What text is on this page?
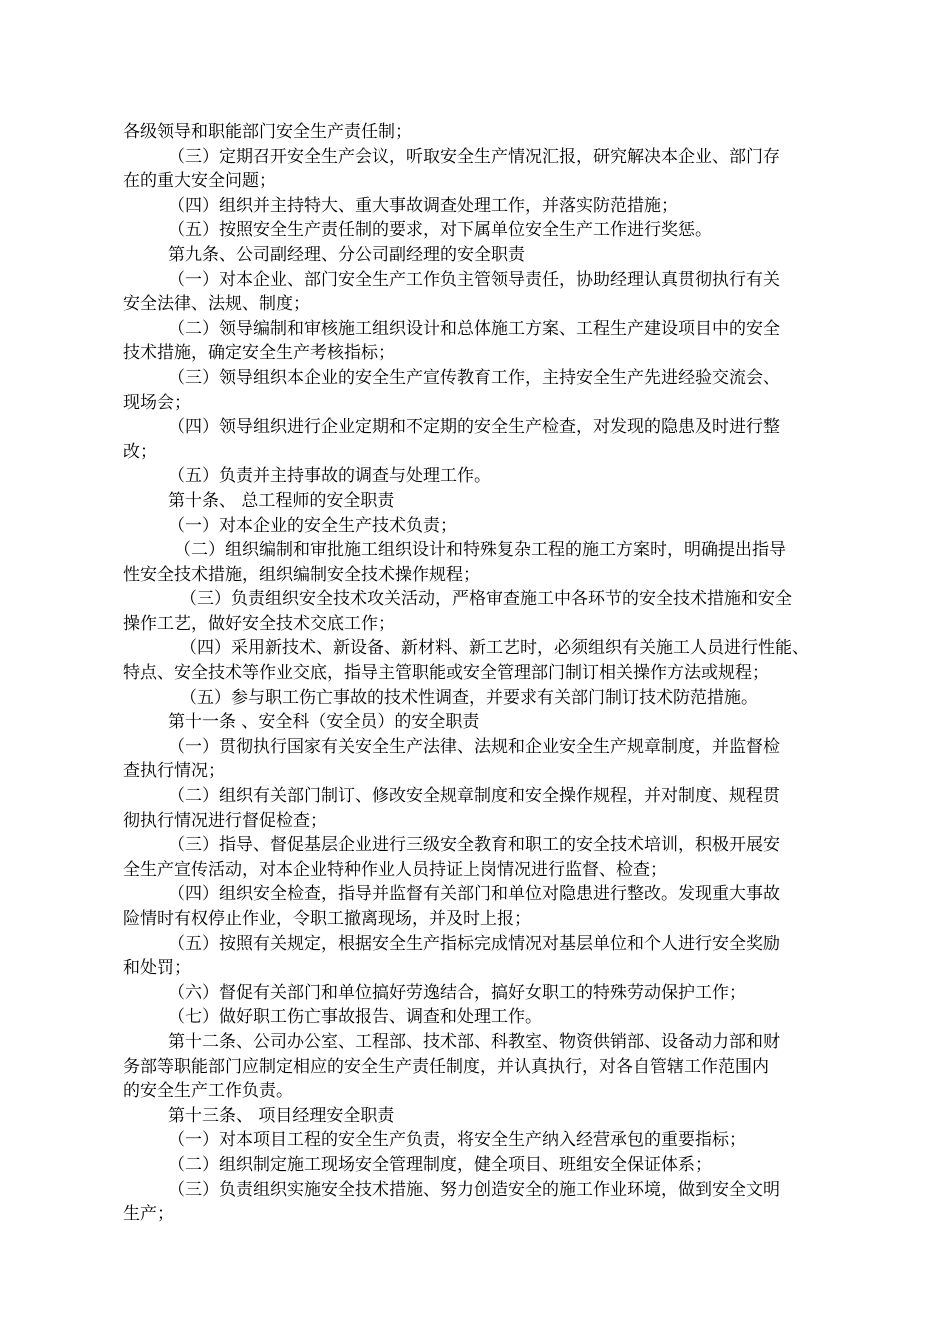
各级领导和职能部门安全生产责任制；

（三）定期召开安全生产会议，听取安全生产情况汇报，研究解决本企业、部门存
在的重大安全问题；

（四）组织并主持特大、重大事故调查处理工作，并落实防范措施；

（五）按照安全生产责任制的要求，对下属单位安全生产工作进行奖惩。

第九条、公司副经理、分公司副经理的安全职责

（一）对本企业、部门安全生产工作负主管领导责任，协助经理认真贯彻执行有关
安全法律、法规、制度；

（二）领导编制和审核施工组织设计和总体施工方案、工程生产建设项目中的安全
技术措施，确定安全生产考核指标；

（三）领导组织本企业的安全生产宣传教育工作，主持安全生产先进经验交流会、
现场会；

（四）领导组织进行企业定期和不定期的安全生产检查，对发现的隐患及时进行整
改；

（五）负责并主持事故的调查与处理工作。

第十条、 总工程师的安全职责

（一）对本企业的安全生产技术负责；

（二）组织编制和审批施工组织设计和特殊复杂工程的施工方案时，明确提出指导
性安全技术措施，组织编制安全技术操作规程；

（三）负责组织安全技术攻关活动，严格审查施工中各环节的安全技术措施和安全
操作工艺，做好安全技术交底工作；

（四）采用新技术、新设备、新材料、新工艺时，必须组织有关施工人员进行性能、
特点、安全技术等作业交底，指导主管职能或安全管理部门制订相关操作方法或规程；

（五）参与职工伤亡事故的技术性调查，并要求有关部门制订技术防范措施。

第十一条 、安全科（安全员）的安全职责

（一）贯彻执行国家有关安全生产法律、法规和企业安全生产规章制度，并监督检
查执行情况；

（二）组织有关部门制订、修改安全规章制度和安全操作规程，并对制度、规程贯
彻执行情况进行督促检查；

（三）指导、督促基层企业进行三级安全教育和职工的安全技术培训，积极开展安
全生产宣传活动，对本企业特种作业人员持证上岗情况进行监督、检查；

（四）组织安全检查，指导并监督有关部门和单位对隐患进行整改。发现重大事故
险情时有权停止作业，令职工撤离现场，并及时上报；

（五）按照有关规定，根据安全生产指标完成情况对基层单位和个人进行安全奖励
和处罚；

（六）督促有关部门和单位搞好劳逸结合，搞好女职工的特殊劳动保护工作；

（七）做好职工伤亡事故报告、调查和处理工作。

第十二条、公司办公室、工程部、技术部、科教室、物资供销部、设备动力部和财
务部等职能部门应制定相应的安全生产责任制度，并认真执行，对各自管辖工作范围内
的安全生产工作负责。

第十三条、 项目经理安全职责

（一）对本项目工程的安全生产负责，将安全生产纳入经营承包的重要指标；

（二）组织制定施工现场安全管理制度，健全项目、班组安全保证体系；

（三）负责组织实施安全技术措施、努力创造安全的施工作业环境，做到安全文明
生产；
